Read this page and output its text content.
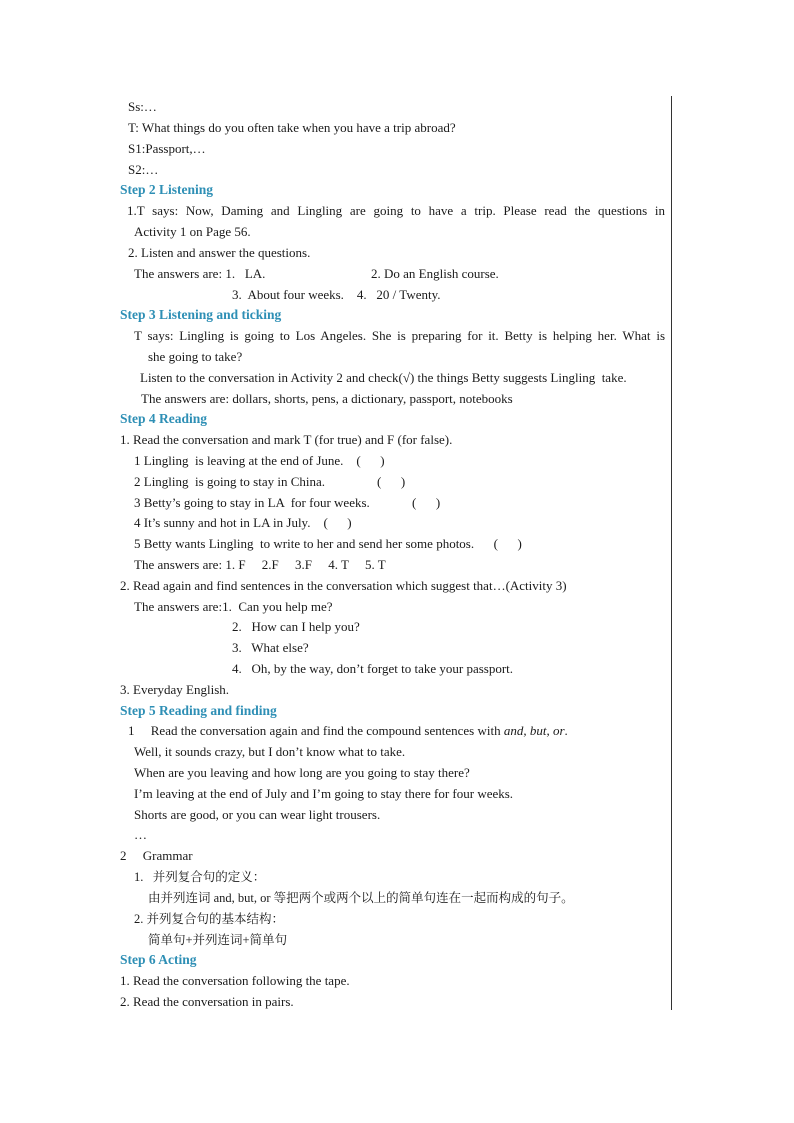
Ss:…
T: What things do you often take when you have a trip abroad?
S1:Passport,…
S2:…
Step 2 Listening
1.T says: Now, Daming and Lingling are going to have a trip. Please read the questions in
Activity 1 on Page 56.
2. Listen and answer the questions.
The answers are: 1.   LA.	2. Do an English course.
3.  About four weeks.    4.   20 / Twenty.
Step 3 Listening and ticking
T says: Lingling is going to Los Angeles. She is preparing for it. Betty is helping her. What is
she going to take?
Listen to the conversation in Activity 2 and check(√) the things Betty suggests Lingling  take.
The answers are: dollars, shorts, pens, a dictionary, passport, notebooks
Step 4 Reading
1. Read the conversation and mark T (for true) and F (for false).
1 Lingling  is leaving at the end of June.    (      )
2 Lingling  is going to stay in China.                (      )
3 Betty’s going to stay in LA  for four weeks.             (      )
4 It’s sunny and hot in LA in July.    (      )
5 Betty wants Lingling  to write to her and send her some photos.      (      )
The answers are: 1. F     2.F     3.F     4. T     5. T
2. Read again and find sentences in the conversation which suggest that…(Activity 3)
The answers are:1.  Can you help me?
2.   How can I help you?
3.   What else?
4.   Oh, by the way, don’t forget to take your passport.
3. Everyday English.
Step 5 Reading and finding
1     Read the conversation again and find the compound sentences with and, but, or.
Well, it sounds crazy, but I don’t know what to take.
When are you leaving and how long are you going to stay there?
I’m leaving at the end of July and I’m going to stay there for four weeks.
Shorts are good, or you can wear light trousers.
…
2     Grammar
1.   并列复合句的定义：
由并列连词 and, but, or 等把两个或两个以上的简单句连在一起而构成的句子。
2. 并列复合句的基本结构：
简单句+并列连词+简单句
Step 6 Acting
1. Read the conversation following the tape.
2. Read the conversation in pairs.
